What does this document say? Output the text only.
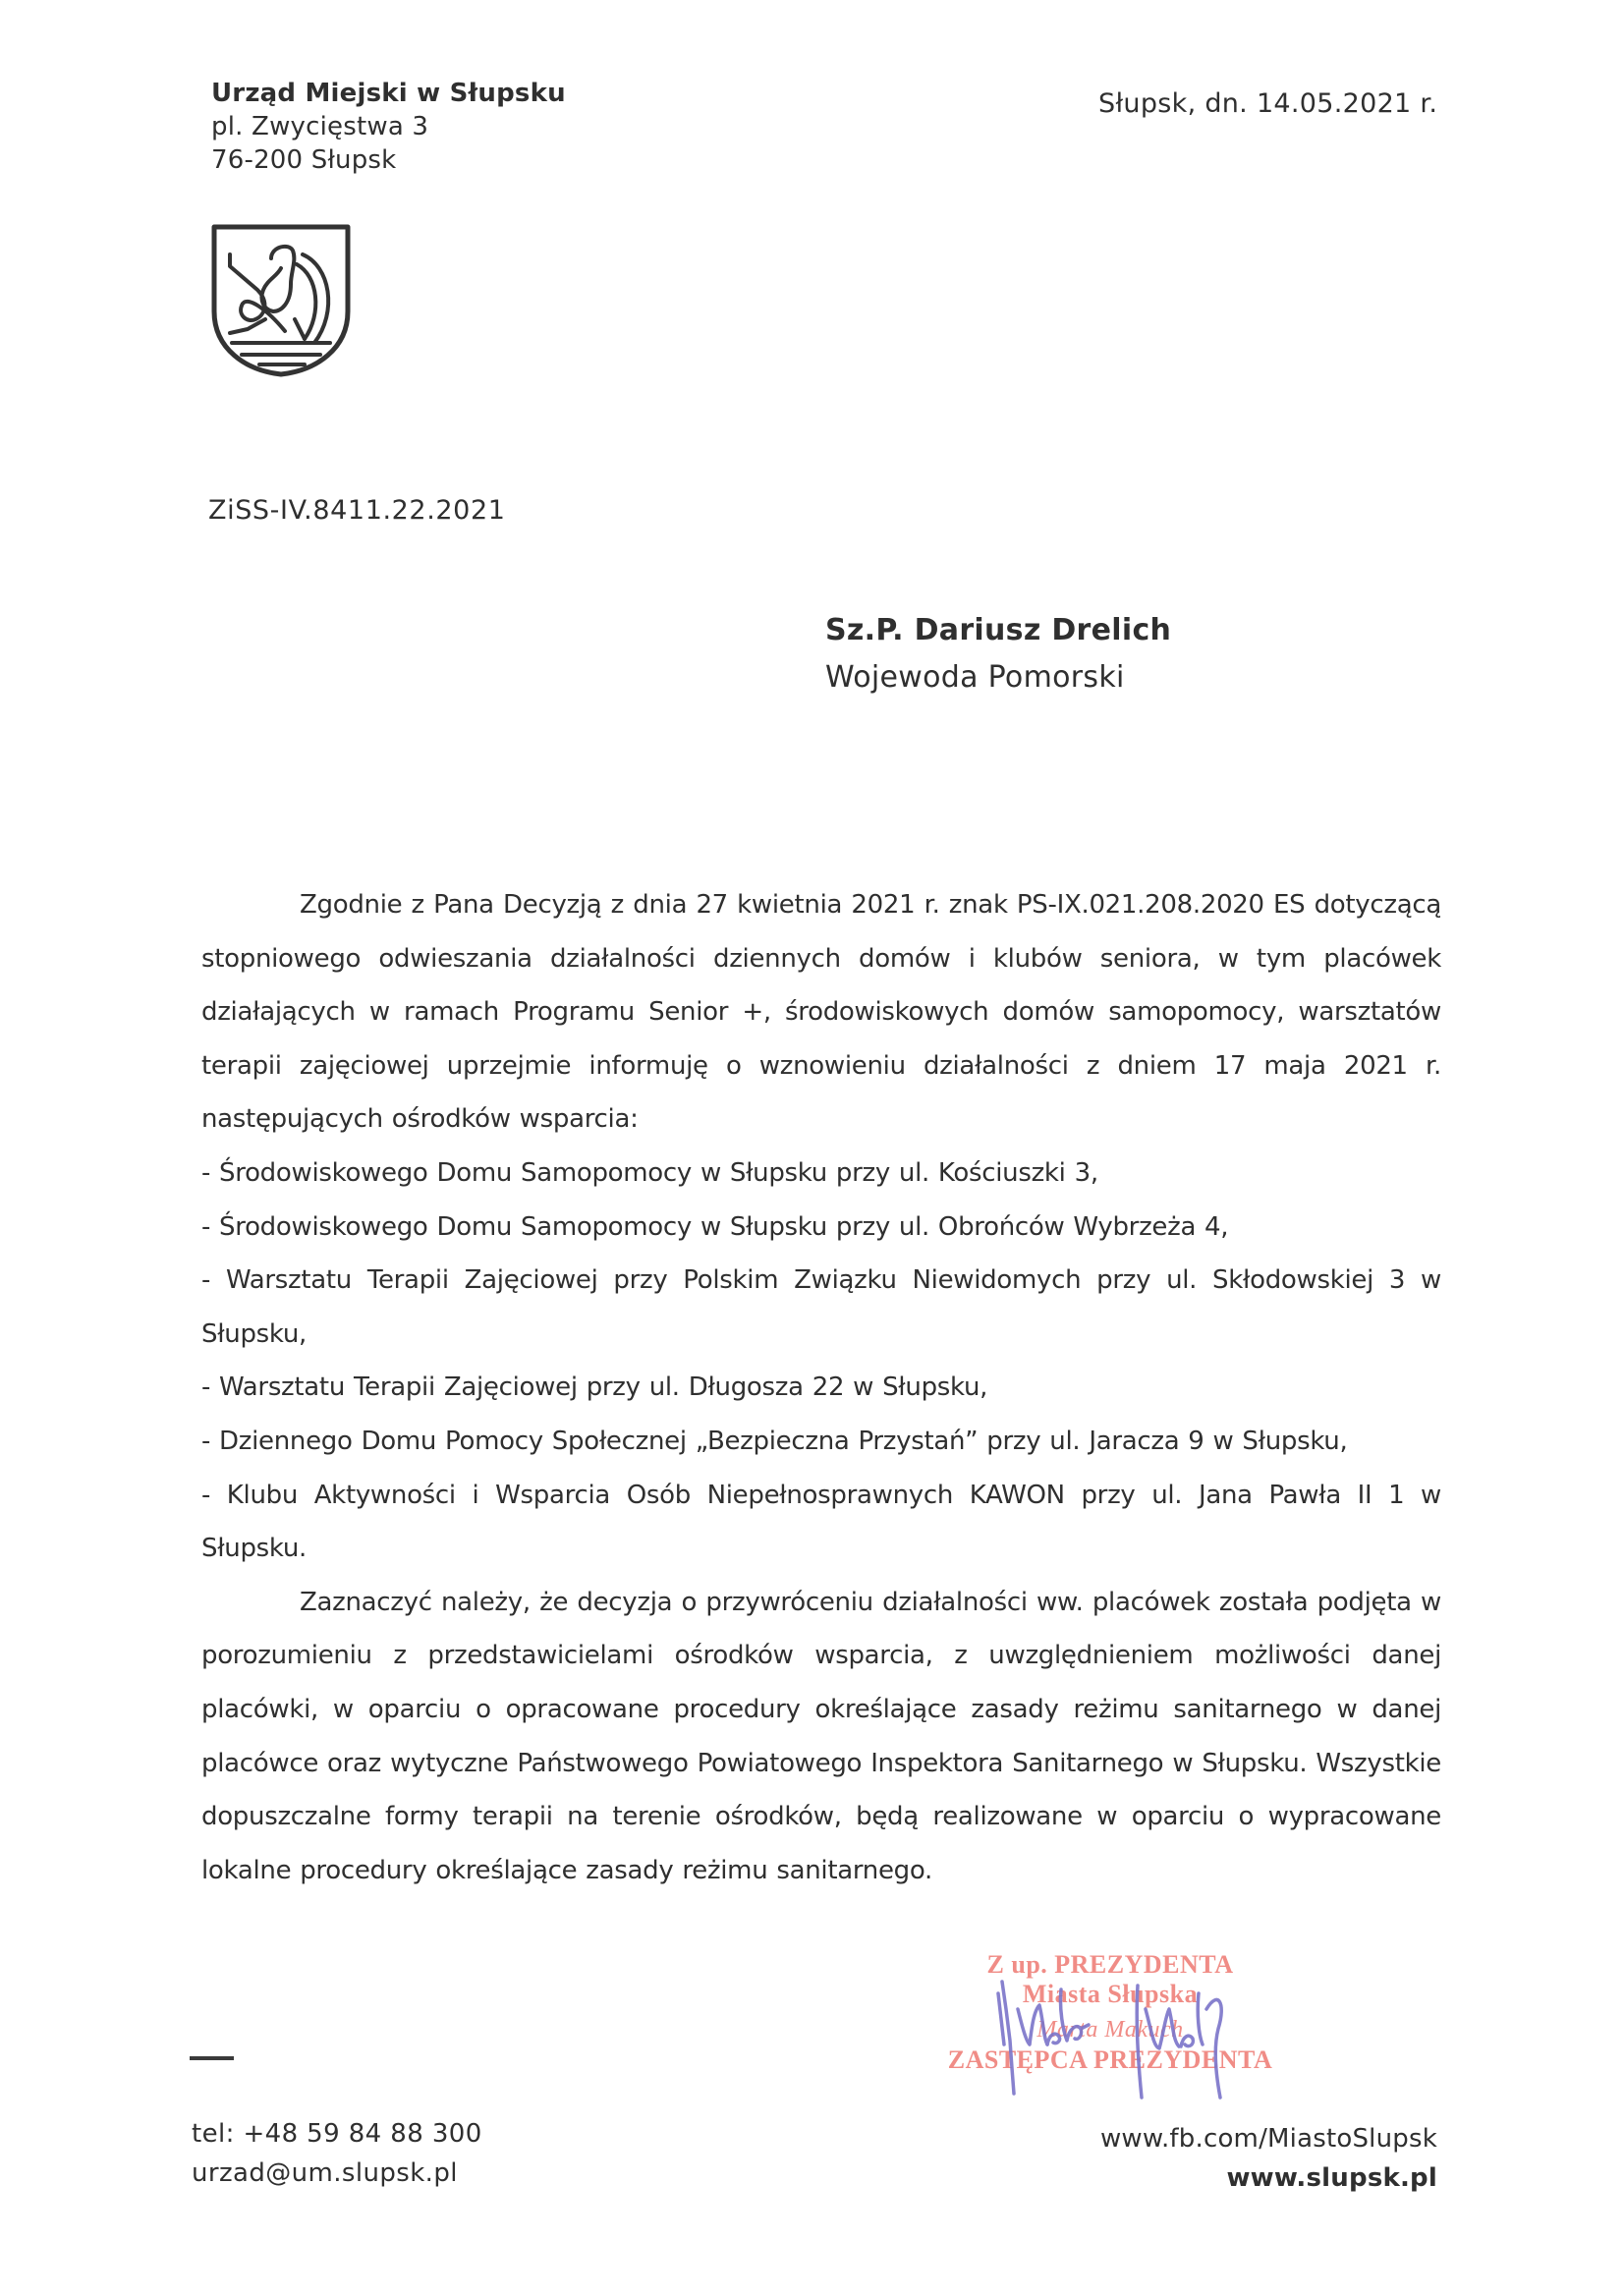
Urząd Miejski w Słupsku
pl. Zwycięstwa 3
76-200 Słupsk
Słupsk, dn. 14.05.2021 r.
ZiSS-IV.8411.22.2021
Sz.P. Dariusz Drelich
Wojewoda Pomorski

Zgodnie z Pana Decyzją z dnia 27 kwietnia 2021 r. znak PS-IX.021.208.2020 ES dotyczącą stopniowego odwieszania działalności dziennych domów i klubów seniora, w tym placówek działających w ramach Programu Senior +, środowiskowych domów samopomocy, warsztatów terapii zajęciowej uprzejmie informuję o wznowieniu działalności z dniem 17 maja 2021 r. następujących ośrodków wsparcia:

- Środowiskowego Domu Samopomocy w Słupsku przy ul. Kościuszki 3,

- Środowiskowego Domu Samopomocy w Słupsku przy ul. Obrońców Wybrzeża 4,

- Warsztatu Terapii Zajęciowej przy Polskim Związku Niewidomych przy ul. Skłodowskiej 3 w Słupsku,

- Warsztatu Terapii Zajęciowej przy ul. Długosza 22 w Słupsku,

- Dziennego Domu Pomocy Społecznej „Bezpieczna Przystań” przy ul. Jaracza 9 w Słupsku,

- Klubu Aktywności i Wsparcia Osób Niepełnosprawnych KAWON przy ul. Jana Pawła II 1 w Słupsku.

Zaznaczyć należy, że decyzja o przywróceniu działalności ww. placówek została podjęta w porozumieniu z przedstawicielami ośrodków wsparcia, z uwzględnieniem możliwości danej placówki, w oparciu o opracowane procedury określające zasady reżimu sanitarnego w danej placówce oraz wytyczne Państwowego Powiatowego Inspektora Sanitarnego w Słupsku. Wszystkie dopuszczalne formy terapii na terenie ośrodków, będą realizowane w oparciu o wypracowane lokalne procedury określające zasady reżimu sanitarnego.

Z up. PREZYDENTA
Miasta Słupska
Marta Makuch
ZASTĘPCA PREZYDENTA
tel: +48 59 84 88 300
urzad@um.slupsk.pl
www.fb.com/MiastoSlupsk
www.slupsk.pl
